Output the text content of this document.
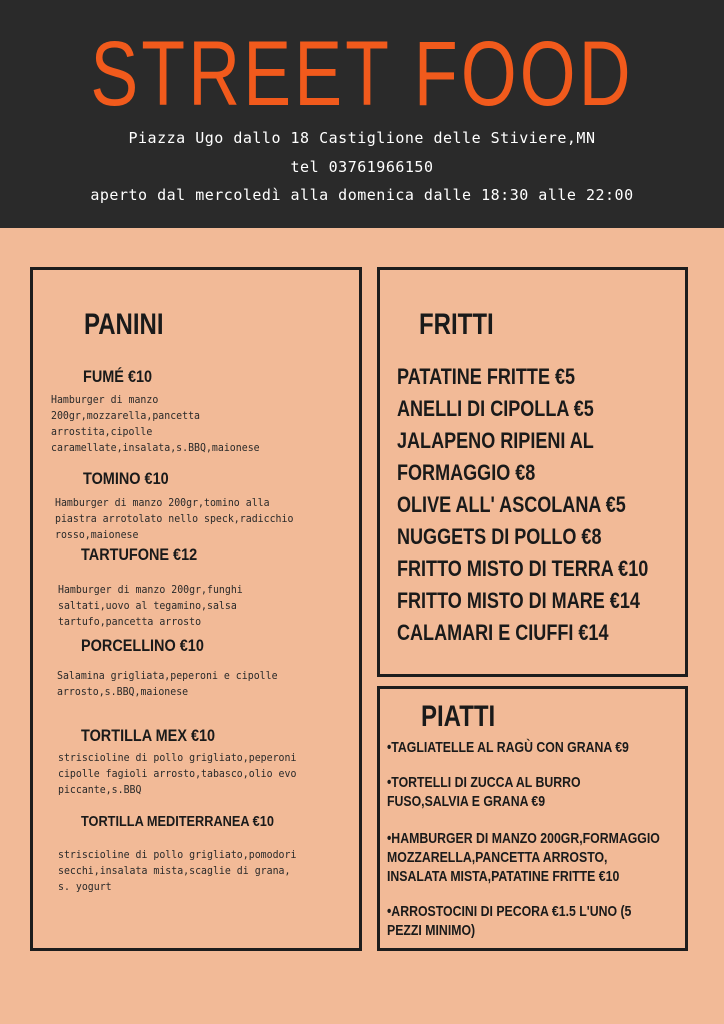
STREET FOOD
Piazza Ugo dallo 18 Castiglione delle Stiviere,MN
tel 03761966150
aperto dal mercoledì alla domenica dalle 18:30 alle 22:00
PANINI	FRITTI
PIATTI
FUMÉ €10
Hamburger di manzo
200gr,mozzarella,pancetta
arrostita,cipolle
caramellate,insalata,s.BBQ,maionese
TOMINO €10
Hamburger di manzo 200gr,tomino alla
piastra arrotolato nello speck,radicchio
rosso,maionese
TARTUFONE €12
Hamburger di manzo 200gr,funghi
saltati,uovo al tegamino,salsa
tartufo,pancetta arrosto
PORCELLINO €10
Salamina grigliata,peperoni e cipolle
arrosto,s.BBQ,maionese
TORTILLA MEX €10
striscioline di pollo grigliato,peperoni
cipolle fagioli arrosto,tabasco,olio evo
piccante,s.BBQ
TORTILLA MEDITERRANEA €10
striscioline di pollo grigliato,pomodori
secchi,insalata mista,scaglie di grana,
s. yogurt
PATATINE FRITTE €5
ANELLI DI CIPOLLA €5
JALAPENO RIPIENI AL
FORMAGGIO €8
OLIVE ALL' ASCOLANA €5
NUGGETS DI POLLO €8
FRITTO MISTO DI TERRA €10
FRITTO MISTO DI MARE €14
CALAMARI E CIUFFI €14
•TAGLIATELLE AL RAGÙ CON GRANA €9
•TORTELLI DI ZUCCA AL BURRO
FUSO,SALVIA E GRANA €9
•HAMBURGER DI MANZO 200GR,FORMAGGIO
MOZZARELLA,PANCETTA ARROSTO,
INSALATA MISTA,PATATINE FRITTE €10
•ARROSTOCINI DI PECORA €1.5 L'UNO (5
PEZZI MINIMO)
